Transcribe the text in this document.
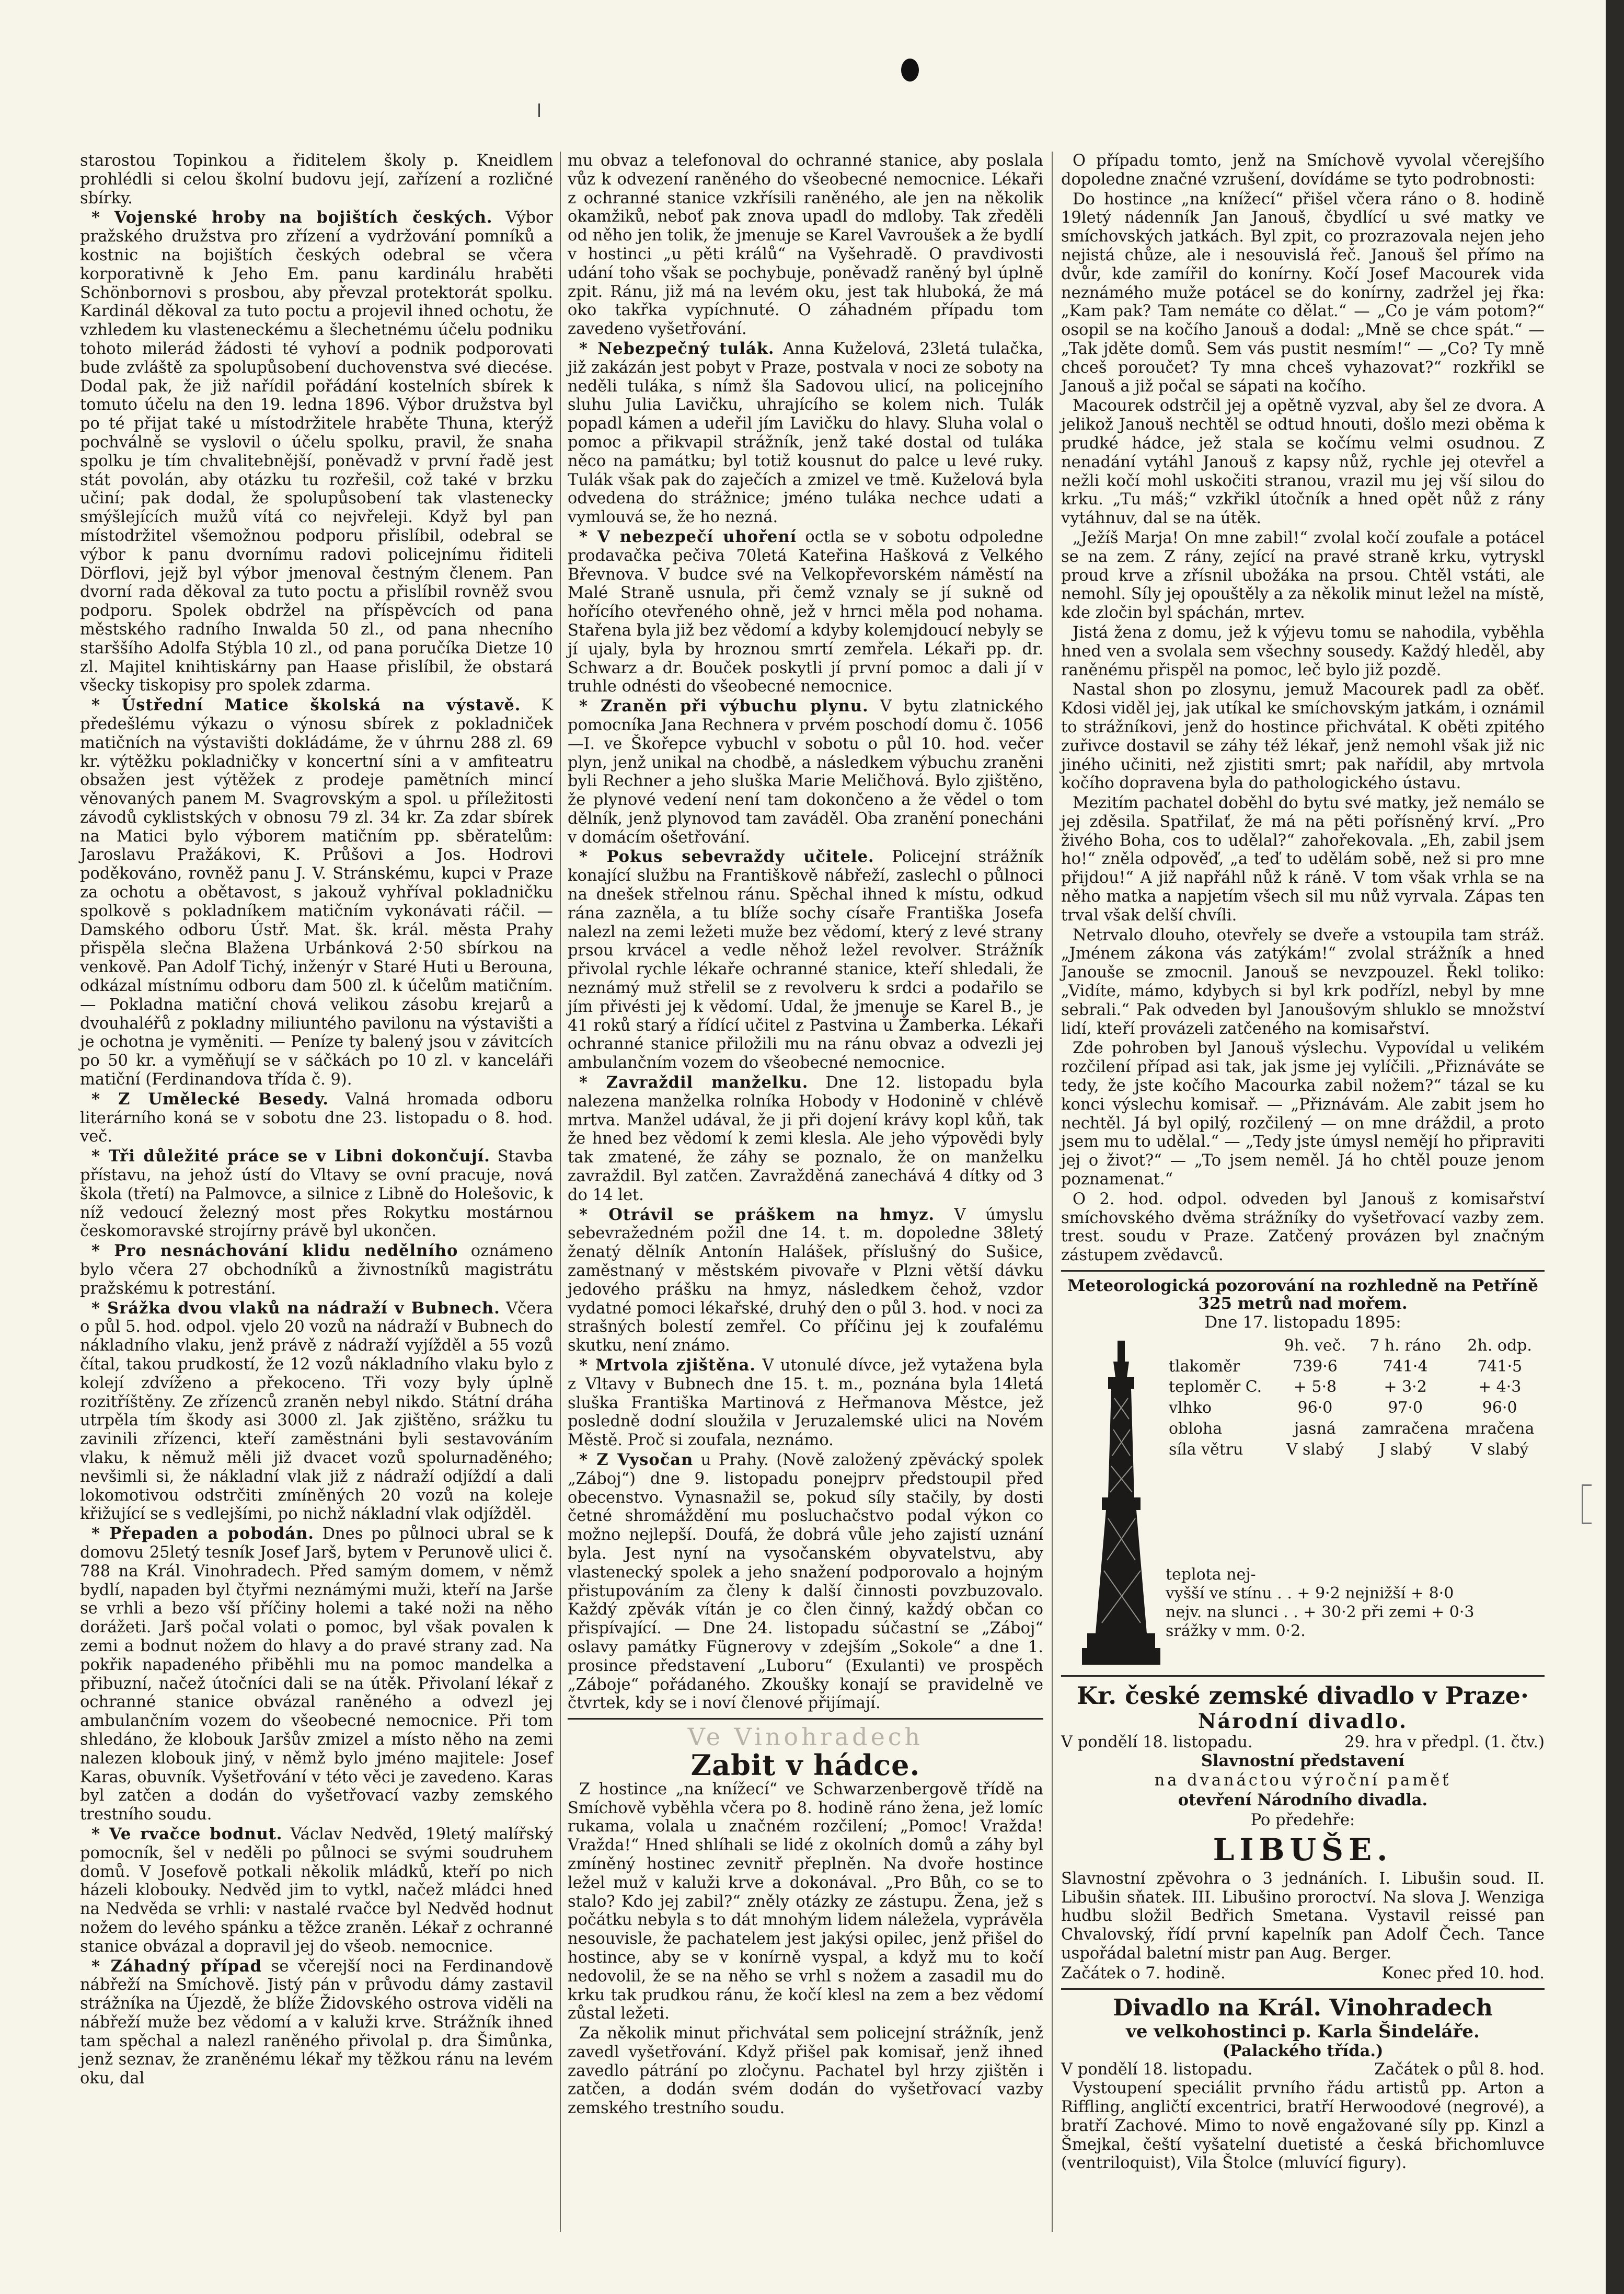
starostou Topinkou a řiditelem školy p. Kneidlem prohlédli si celou školní budovu její, zařízení a rozličné sbírky.

* Vojenské hroby na bojištích českých. Výbor pražského družstva pro zřízení a vydržování pomníků a kostnic na bojištích českých odebral se včera korporativně k Jeho Em. panu kardinálu hraběti Schönbornovi s prosbou, aby převzal protektorát spolku. Kardinál děkoval za tuto poctu a projevil ihned ochotu, že vzhledem ku vlasteneckému a šlechetnému účelu podniku tohoto milerád žádosti té vyhoví a podnik podporovati bude zvláště za spolupůsobení duchovenstva své diecése. Dodal pak, že již nařídil pořádání kostelních sbírek k tomuto účelu na den 19. ledna 1896. Výbor družstva byl po té přijat také u místodržitele hraběte Thuna, kterýž pochválně se vyslovil o účelu spolku, pravil, že snaha spolku je tím chvalitebnější, poněvadž v první řadě jest stát povolán, aby otázku tu rozřešil, což také v brzku učiní; pak dodal, že spolupůsobení tak vlastenecky smýšlejících mužů vítá co nejvřeleji. Když byl pan místodržitel všemožnou podporu přislíbil, odebral se výbor k panu dvornímu radovi policejnímu řiditeli Dörflovi, jejž byl výbor jmenoval čestným členem. Pan dvorní rada děkoval za tuto poctu a přislíbil rovněž svou podporu. Spolek obdržel na příspěvcích od pana městského radního Inwalda 50 zl., od pana nhecního starššího Adolfa Stýbla 10 zl., od pana poručíka Dietze 10 zl. Majitel knihtiskárny pan Haase přislíbil, že obstará všecky tiskopisy pro spolek zdarma.

* Ústřední Matice školská na výstavě. K předešlému výkazu o výnosu sbírek z pokladniček matičních na výstavišti dokládáme, že v úhrnu 288 zl. 69 kr. výtěžku pokladničky v koncertní síni a v amfiteatru obsažen jest výtěžek z prodeje pamětních mincí věnovaných panem M. Svagrovským a spol. u příležitosti závodů cyklistských v obnosu 79 zl. 34 kr. Za zdar sbírek na Matici bylo výborem matičním pp. sběratelům: Jaroslavu Pražákovi, K. Průšovi a Jos. Hodrovi poděkováno, rovněž panu J. V. Stránskému, kupci v Praze za ochotu a obětavost, s jakouž vyhříval pokladničku spolkově s pokladníkem matičním vykonávati ráčil. — Damského odboru Ústř. Mat. šk. král. města Prahy přispěla slečna Blažena Urbánková 2·50 sbírkou na venkově. Pan Adolf Tichý, inženýr v Staré Huti u Berouna, odkázal místnímu odboru dam 500 zl. k účelům matičním. — Pokladna matiční chová velikou zásobu krejarů a dvouhaléřů z pokladny miliuntého pavilonu na výstavišti a je ochotna je vyměniti. — Peníze ty balený jsou v závitcích po 50 kr. a vyměňují se v sáčkách po 10 zl. v kanceláři matiční (Ferdinandova třída č. 9).

* Z Umělecké Besedy. Valná hromada odboru literárního koná se v sobotu dne 23. listopadu o 8. hod. več.

* Tři důležité práce se v Libni dokončují. Stavba přístavu, na jehož ústí do Vltavy se ovní pracuje, nová škola (třetí) na Palmovce, a silnice z Libně do Holešovic, k níž vedoucí železný most přes Rokytku mostárnou českomoravské strojírny právě byl ukončen.

* Pro nesnáchování klidu nedělního oznámeno bylo včera 27 obchodníků a živnostníků magistrátu pražskému k potrestání.

* Srážka dvou vlaků na nádraží v Bubnech. Včera o půl 5. hod. odpol. vjelo 20 vozů na nádraží v Bubnech do nákladního vlaku, jenž právě z nádraží vyjížděl a 55 vozů čítal, takou prudkostí, že 12 vozů nákladního vlaku bylo z kolejí zdvíženo a překoceno. Tři vozy byly úplně rozitříštěny. Ze zřízenců zraněn nebyl nikdo. Státní dráha utrpěla tím škody asi 3000 zl. Jak zjištěno, srážku tu zavinili zřízenci, kteří zaměstnáni byli sestavováním vlaku, k němuž měli již dvacet vozů spolurnaděného; nevšimli si, že nákladní vlak již z nádraží odjíždí a dali lokomotivou odstrčiti zmíněných 20 vozů na koleje křižující se s vedlejšími, po nichž nákladní vlak odjížděl.

* Přepaden a pobodán. Dnes po půlnoci ubral se k domovu 25letý tesník Josef Jarš, bytem v Perunově ulici č. 788 na Král. Vinohradech. Před samým domem, v němž bydlí, napaden byl čtyřmi neznámými muži, kteří na Jarše se vrhli a bezo vší příčiny holemi a také noži na něho dorážeti. Jarš počal volati o pomoc, byl však povalen k zemi a bodnut nožem do hlavy a do pravé strany zad. Na pokřik napadeného přiběhli mu na pomoc mandelka a přibuzní, načež útočníci dali se na útěk. Přivolaní lékař z ochranné stanice obvázal raněného a odvezl jej ambulančním vozem do všeobecné nemocnice. Při tom shledáno, že klobouk Jaršův zmizel a místo něho na zemi nalezen klobouk jiný, v němž bylo jméno majitele: Josef Karas, obuvník. Vyšetřování v této věci je zavedeno. Karas byl zatčen a dodán do vyšetřovací vazby zemského trestního soudu.

* Ve rvačce bodnut. Václav Nedvěd, 19letý malířský pomocník, šel v neděli po půlnoci se svými soudruhem domů. V Josefově potkali několik mládků, kteří po nich házeli klobouky. Nedvěd jim to vytkl, načež mládci hned na Nedvěda se vrhli: v nastalé rvačce byl Nedvěd hodnut nožem do levého spánku a těžce zraněn. Lékař z ochranné stanice obvázal a dopravil jej do všeob. nemocnice.

* Záhadný případ se včerejší noci na Ferdinandově nábřeží na Smíchově. Jistý pán v průvodu dámy zastavil strážníka na Újezdě, že blíže Židovského ostrova viděli na nábřeží muže bez vědomí a v kaluži krve. Strážník ihned tam spěchal a nalezl raněného přivolal p. dra Šimůnka, jenž seznav, že zraněnému lékař my těžkou ránu na levém oku, dal

mu obvaz a telefonoval do ochranné stanice, aby poslala vůz k odvezení raněného do všeobecné nemocnice. Lékaři z ochranné stanice vzkřísili raněného, ale jen na několik okamžiků, neboť pak znova upadl do mdloby. Tak zředěli od něho jen tolik, že jmenuje se Karel Vavroušek a že bydlí v hostinci „u pěti králů“ na Vyšehradě. O pravdivosti udání toho však se pochybuje, poněvadž raněný byl úplně zpit. Ránu, již má na levém oku, jest tak hluboká, že má oko takřka vypíchnuté. O záhadném případu tom zavedeno vyšetřování.

* Nebezpečný tulák. Anna Kuželová, 23letá tulačka, již zakázán jest pobyt v Praze, postvala v noci ze soboty na neděli tuláka, s nímž šla Sadovou ulicí, na policejního sluhu Julia Lavičku, uhrajícího se kolem nich. Tulák popadl kámen a udeřil jím Lavičku do hlavy. Sluha volal o pomoc a přikvapil strážník, jenž také dostal od tuláka něco na památku; byl totiž kousnut do palce u levé ruky. Tulák však pak do zaječích a zmizel ve tmě. Kuželová byla odvedena do strážnice; jméno tuláka nechce udati a vymlouvá se, že ho nezná.

* V nebezpečí uhoření octla se v sobotu odpoledne prodavačka pečiva 70letá Kateřina Hašková z Velkého Břevnova. V budce své na Velkopřevorském náměstí na Malé Straně usnula, při čemž vznaly se jí sukně od hořícího otevřeného ohně, jež v hrnci měla pod nohama. Stařena byla již bez vědomí a kdyby kolemjdoucí nebyly se jí ujaly, byla by hroznou smrtí zemřela. Lékaři pp. dr. Schwarz a dr. Bouček poskytli jí první pomoc a dali jí v truhle odnésti do všeobecné nemocnice.

* Zraněn při výbuchu plynu. V bytu zlatnického pomocníka Jana Rechnera v prvém poschodí domu č. 1056—I. ve Škořepce vybuchl v sobotu o půl 10. hod. večer plyn, jenž unikal na chodbě, a následkem výbuchu zraněni byli Rechner a jeho sluška Marie Meličhová. Bylo zjištěno, že plynové vedení není tam dokončeno a že vědel o tom dělník, jenž plynovod tam zaváděl. Oba zranění ponecháni v domácím ošetřování.

* Pokus sebevraždy učitele. Policejní strážník konající službu na Františkově nábřeží, zaslechl o půlnoci na dnešek střelnou ránu. Spěchal ihned k místu, odkud rána zazněla, a tu blíže sochy císaře Františka Josefa nalezl na zemi ležeti muže bez vědomí, který z levé strany prsou krvácel a vedle něhož ležel revolver. Strážník přivolal rychle lékaře ochranné stanice, kteří shledali, že neznámý muž střelil se z revolveru k srdci a podařilo se jím přivésti jej k vědomí. Udal, že jmenuje se Karel B., je 41 roků starý a řídící učitel z Pastvina u Žamberka. Lékaři ochranné stanice přiložili mu na ránu obvaz a odvezli jej ambulančním vozem do všeobecné nemocnice.

* Zavraždil manželku. Dne 12. listopadu byla nalezena manželka rolníka Hobody v Hodonině v chlévě mrtva. Manžel udával, že ji při dojení krávy kopl kůň, tak že hned bez vědomí k zemi klesla. Ale jeho výpovědi byly tak zmatené, že záhy se poznalo, že on manželku zavraždil. Byl zatčen. Zavražděná zanechává 4 dítky od 3 do 14 let.

* Otrávil se práškem na hmyz. V úmyslu sebevražedném požil dne 14. t. m. dopoledne 38letý ženatý dělník Antonín Halášek, příslušný do Sušice, zaměstnaný v městském pivovaře v Plzni větší dávku jedového prášku na hmyz, následkem čehož, vzdor vydatné pomoci lékařské, druhý den o půl 3. hod. v noci za strašných bolestí zemřel. Co příčinu jej k zoufalému skutku, není známo.

* Mrtvola zjištěna. V utonulé dívce, jež vytažena byla z Vltavy v Bubnech dne 15. t. m., poznána byla 14letá sluška Františka Martinová z Heřmanova Městce, jež posledně dodní sloužila v Jeruzalemské ulici na Novém Městě. Proč si zoufala, neznámo.

* Z Vysočan u Prahy. (Nově založený zpěvácký spolek „Záboj“) dne 9. listopadu ponejprv předstoupil před obecenstvo. Vynasnažil se, pokud síly stačily, by dosti četné shromáždění mu posluchačstvo podal výkon co možno nejlepší. Doufá, že dobrá vůle jeho zajistí uznání byla. Jest nyní na vysočanském obyvatelstvu, aby vlastenecký spolek a jeho snažení podporovalo a hojným přistupováním za členy k další činnosti povzbuzovalo. Každý zpěvák vítán je co člen činný, každý občan co přispívající. — Dne 24. listopadu súčastní se „Záboj“ oslavy památky Fügnerovy v zdejším „Sokole“ a dne 1. prosince představení „Luboru“ (Exulanti) ve prospěch „Záboje“ pořádaného. Zkoušky konají se pravidelně ve čtvrtek, kdy se i noví členové přijímají.

Ve Vinohradech
Zabit v hádce.

Z hostince „na knížecí“ ve Schwarzenbergově třídě na Smíchově vyběhla včera po 8. hodině ráno žena, jež lomíc rukama, volala u značném rozčilení; „Pomoc! Vražda! Vražda!“ Hned shlíhali se lidé z okolních domů a záhy byl zmíněný hostinec zevnitř přeplněn. Na dvoře hostince ležel muž v kaluži krve a dokonával. „Pro Bůh, co se to stalo? Kdo jej zabil?“ zněly otázky ze zástupu. Žena, jež s počátku nebyla s to dát mnohým lidem náležela, vyprávěla nesouvisle, že pachatelem jest jakýsi opilec, jenž přišel do hostince, aby se v konírně vyspal, a když mu to kočí nedovolil, že se na něho se vrhl s nožem a zasadil mu do krku tak prudkou ránu, že kočí klesl na zem a bez vědomí zůstal ležeti.

Za několik minut přichvátal sem policejní strážník, jenž zavedl vyšetřování. Když přišel pak komisař, jenž ihned zavedlo pátrání po zločynu. Pachatel byl hrzy zjištěn i zatčen, a dodán svém dodán do vyšetřovací vazby zemského trestního soudu.

O případu tomto, jenž na Smíchově vyvolal včerejšího dopoledne značné vzrušení, dovídáme se tyto podrobnosti:

Do hostince „na knížecí“ přišel včera ráno o 8. hodině 19letý nádenník Jan Janouš, čbydlící u své matky ve smíchovských jatkách. Byl zpit, co prozrazovala nejen jeho nejistá chůze, ale i nesouvislá řeč. Janouš šel přímo na dvůr, kde zamířil do konírny. Kočí Josef Macourek vida neznámého muže potácel se do konírny, zadržel jej řka: „Kam pak? Tam nemáte co dělat.“ — „Co je vám potom?“ osopil se na kočího Janouš a dodal: „Mně se chce spát.“ — „Tak jděte domů. Sem vás pustit nesmím!“ — „Co? Ty mně chceš poroučet? Ty mna chceš vyhazovat?“ rozkřikl se Janouš a již počal se sápati na kočího.

Macourek odstrčil jej a opětně vyzval, aby šel ze dvora. A jelikož Janouš nechtěl se odtud hnouti, došlo mezi oběma k prudké hádce, jež stala se kočímu velmi osudnou. Z nenadání vytáhl Janouš z kapsy nůž, rychle jej otevřel a nežli kočí mohl uskočiti stranou, vrazil mu jej vší silou do krku. „Tu máš;“ vzkřikl útočník a hned opět nůž z rány vytáhnuv, dal se na útěk.

„Ježíš Marja! On mne zabil!“ zvolal kočí zoufale a potácel se na zem. Z rány, zející na pravé straně krku, vytryskl proud krve a zřísnil ubožáka na prsou. Chtěl vstáti, ale nemohl. Síly jej opouštěly a za několik minut ležel na místě, kde zločin byl spáchán, mrtev.

Jistá žena z domu, jež k výjevu tomu se nahodila, vyběhla hned ven a svolala sem všechny sousedy. Každý hleděl, aby raněnému přispěl na pomoc, leč bylo již pozdě.

Nastal shon po zlosynu, jemuž Macourek padl za oběť. Kdosi viděl jej, jak utíkal ke smíchovským jatkám, i oznámil to strážníkovi, jenž do hostince přichvátal. K oběti zpitého zuřivce dostavil se záhy též lékař, jenž nemohl však již nic jiného učiniti, než zjistiti smrt; pak nařídil, aby mrtvola kočího dopravena byla do pathologického ústavu.

Mezitím pachatel doběhl do bytu své matky, jež nemálo se jej zděsila. Spatřilať, že má na pěti pořísněný krví. „Pro živého Boha, cos to udělal?“ zahořekovala. „Eh, zabil jsem ho!“ zněla odpověď, „a teď to udělám sobě, než si pro mne přijdou!“ A již napřáhl nůž k ráně. V tom však vrhla se na něho matka a napjetím všech sil mu nůž vyrvala. Zápas ten trval však delší chvíli.

Netrvalo dlouho, otevřely se dveře a vstoupila tam stráž. „Jménem zákona vás zatýkám!“ zvolal strážník a hned Janouše se zmocnil. Janouš se nevzpouzel. Řekl toliko: „Vidíte, mámo, kdybych si byl krk podřízl, nebyl by mne sebrali.“ Pak odveden byl Janoušovým shluklo se množství lidí, kteří provázeli zatčeného na komisařství.

Zde pohroben byl Janouš výslechu. Vypovídal u velikém rozčilení případ asi tak, jak jsme jej vylíčili. „Přiznáváte se tedy, že jste kočího Macourka zabil nožem?“ tázal se ku konci výslechu komisař. — „Přiznávám. Ale zabit jsem ho nechtěl. Já byl opilý, rozčilený — on mne dráždil, a proto jsem mu to udělal.“ — „Tedy jste úmysl nemějí ho připraviti jej o život?“ — „To jsem neměl. Já ho chtěl pouze jenom poznamenat.“

O 2. hod. odpol. odveden byl Janouš z komisařství smíchovského dvěma strážníky do vyšetřovací vazby zem. trest. soudu v Praze. Zatčený provázen byl značným zástupem zvědavců.

Meteorologická pozorování na rozhledně na Petříně
325 metrů nad mořem.
Dne 17. listopadu 1895:
	9h. več.	7 h. ráno	2h. odp.
tlakoměr	739·6	741·4	741·5
teploměr C.	+ 5·8	+ 3·2	+ 4·3
vlhko	96·0	97·0	96·0
obloha	jasná	zamračena	mračena
síla větru	V slabý	J slabý	V slabý
teplota nej-
vyšší ve stínu . . + 9·2 nejnižší + 8·0
nejv. na slunci . . + 30·2 při zemi + 0·3
srážky v mm. 0·2.
Kr. české zemské divadlo v Praze·
Národní divadlo.
V pondělí 18. listopadu.	29. hra v předpl. (1. čtv.)

Slavnostní představení

na dvanáctou výroční paměť

otevření Národního divadla.

Po předehře:

LIBUŠE.

Slavnostní zpěvohra o 3 jednáních. I. Libušin soud. II. Libušin sňatek. III. Libušino proroctví. Na slova J. Wenziga hudbu složil Bedřich Smetana. Vystavil reissé pan Chvalovský, řídí první kapelník pan Adolf Čech. Tance uspořádal baletní mistr pan Aug. Berger.

Začátek o 7. hodině.	Konec před 10. hod.
Divadlo na Král. Vinohradech
ve velkohostinci p. Karla Šindeláře.
(Palackého třída.)
V pondělí 18. listopadu.	Začátek o půl 8. hod.

Vystoupení speciálit prvního řádu artistů pp. Arton a Riffling, angličtí excentrici, bratří Herwoodové (negrové), a bratří Zachové. Mimo to nově engažované síly pp. Kinzl a Šmejkal, čeští vyšatelní duetisté a česká břichomluvce (ventriloquist), Vila Štolce (mluvící figury).
